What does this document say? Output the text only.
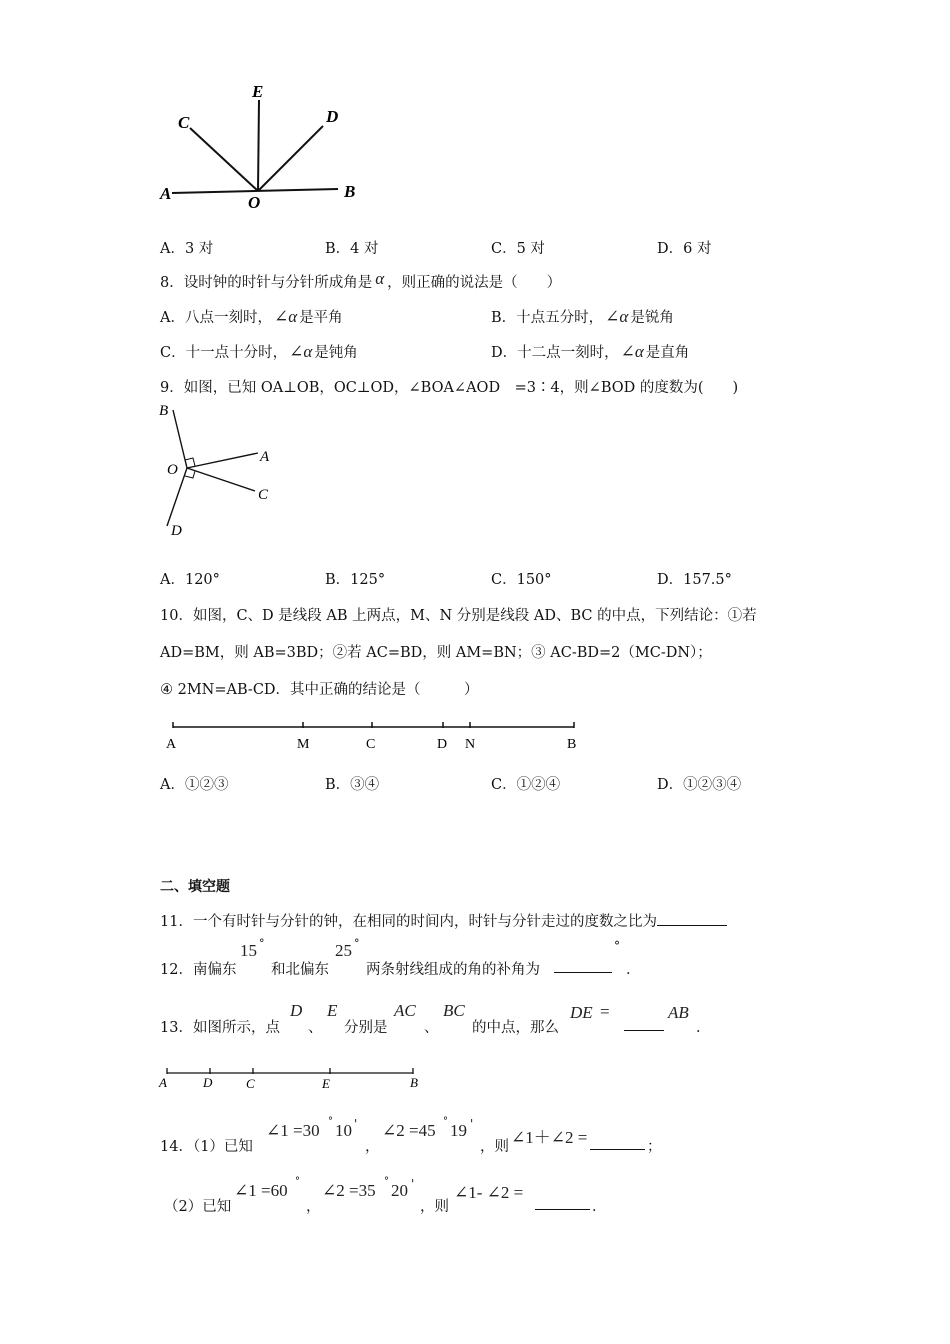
E
C	D
A	O
B
A．3 对	B．4 对	C．5 对	D．6 对
8．设时钟的时针与分针所成角是 α ，则正确的说法是（　　）
A．八点一刻时， ∠α 是平角	B．十点五分时， ∠α 是锐角
C．十一点十分时， ∠α 是钝角	D．十二点一刻时， ∠α 是直角
9．如图，已知 OA⊥OB，OC⊥OD，∠BOA∠AOD　=3∶4，则∠BOD 的度数为(　　)
B
O
A
C
D
A．120°	B．125°	C．150°	D．157.5°
10．如图，C、D 是线段 AB 上两点，M、N 分别是线段 AD、BC 的中点，下列结论：①若
AD=BM，则 AB=3BD；②若 AC=BD，则 AM=BN；③ AC-BD=2（MC-DN）；
④ 2MN=AB-CD．其中正确的结论是（　　　）
A	M	C	D N	B
A．①②③	B．③④	C．①②④	D．①②③④
二、填空题
11．一个有时针与分针的钟，在相同的时间内，时针与分针走过的度数之比为
12．南偏东
15 °
和北偏东
25 °
两条射线组成的角的补角为
°
．
13．如图所示，点
D
、
E
分别是
AC
、
BC
的中点，那么
DE =	AB
．
A	D	C	E	B
14．（1）已知
∠1 =30 ° 10 '
，
∠2 =45 ° 19 '
，则 ∠1＋∠2 =	；
（2）已知
∠1 =60 °
，
∠2 =35 ° 20 '
，则
∠1- ∠2 =
．
